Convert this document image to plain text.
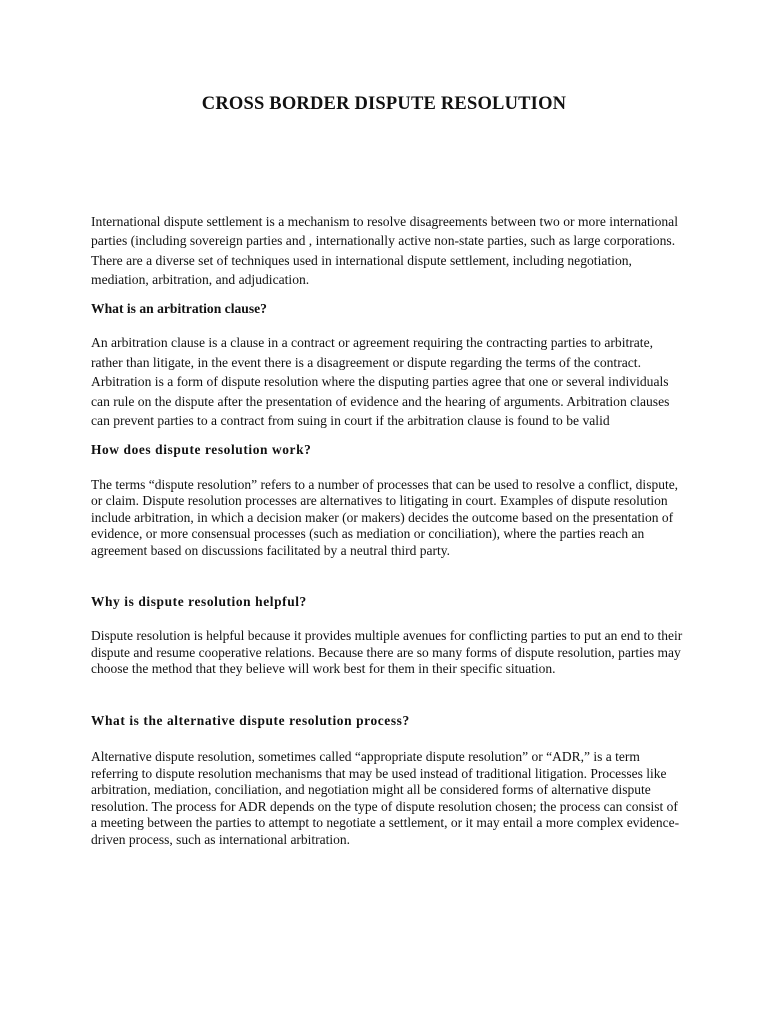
CROSS BORDER DISPUTE RESOLUTION

International dispute settlement is a mechanism to resolve disagreements between two or more international parties (including sovereign parties and , internationally active non-state parties, such as large corporations. There are a diverse set of techniques used in international dispute settlement, including negotiation, mediation, arbitration, and adjudication.

What is an arbitration clause?

An arbitration clause is a clause in a contract or agreement requiring the contracting parties to arbitrate, rather than litigate, in the event there is a disagreement or dispute regarding the terms of the contract. Arbitration is a form of dispute resolution where the disputing parties agree that one or several individuals can rule on the dispute after the presentation of evidence and the hearing of arguments. Arbitration clauses can prevent parties to a contract from suing in court if the arbitration clause is found to be valid

How does dispute resolution work?

The terms “dispute resolution” refers to a number of processes that can be used to resolve a conflict, dispute, or claim. Dispute resolution processes are alternatives to litigating in court. Examples of dispute resolution include arbitration, in which a decision maker (or makers) decides the outcome based on the presentation of evidence, or more consensual processes (such as mediation or conciliation), where the parties reach an agreement based on discussions facilitated by a neutral third party.

Why is dispute resolution helpful?

Dispute resolution is helpful because it provides multiple avenues for conflicting parties to put an end to their dispute and resume cooperative relations. Because there are so many forms of dispute resolution, parties may choose the method that they believe will work best for them in their specific situation.

What is the alternative dispute resolution process?

Alternative dispute resolution, sometimes called “appropriate dispute resolution” or “ADR,” is a term referring to dispute resolution mechanisms that may be used instead of traditional litigation. Processes like arbitration, mediation, conciliation, and negotiation might all be considered forms of alternative dispute resolution. The process for ADR depends on the type of dispute resolution chosen; the process can consist of a meeting between the parties to attempt to negotiate a settlement, or it may entail a more complex evidence-driven process, such as international arbitration.
